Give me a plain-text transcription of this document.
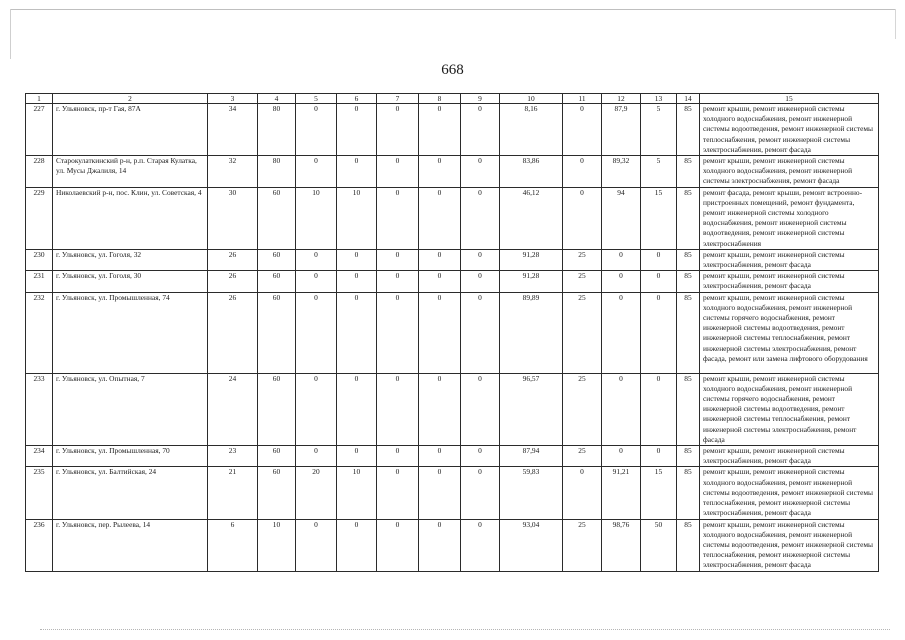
668
1	2	3	4	5	6	7	8	9	10	11	12	13	14	15
227	г. Ульяновск, пр-т Гая, 87А	34	80	0	0	0	0	0	8,16	0	87,9	5	85	ремонт крыши, ремонт инженерной системы холодного водоснабжения, ремонт инженерной системы водоотведения, ремонт инженерной системы теплоснабжения, ремонт инженерной системы электроснабжения, ремонт фасада
228	Старокулаткинский р-н, р.п. Старая Кулатка, ул. Мусы Джалиля, 14	32	80	0	0	0	0	0	83,86	0	89,32	5	85	ремонт крыши, ремонт инженерной системы холодного водоснабжения, ремонт инженерной системы электроснабжения, ремонт фасада
229	Николаевский р-н, пос. Клин, ул. Советская, 4	30	60	10	10	0	0	0	46,12	0	94	15	85	ремонт фасада, ремонт крыши, ремонт встроенно-пристроенных помещений, ремонт фундамента, ремонт инженерной системы холодного водоснабжения, ремонт инженерной системы водоотведения, ремонт инженерной системы электроснабжения
230	г. Ульяновск, ул. Гоголя, 32	26	60	0	0	0	0	0	91,28	25	0	0	85	ремонт крыши, ремонт инженерной системы электроснабжения, ремонт фасада
231	г. Ульяновск, ул. Гоголя, 30	26	60	0	0	0	0	0	91,28	25	0	0	85	ремонт крыши, ремонт инженерной системы электроснабжения, ремонт фасада
232	г. Ульяновск, ул. Промышленная, 74	26	60	0	0	0	0	0	89,89	25	0	0	85	ремонт крыши, ремонт инженерной системы холодного водоснабжения, ремонт инженерной системы горячего водоснабжения, ремонт инженерной системы водоотведения, ремонт инженерной системы теплоснабжения, ремонт инженерной системы электроснабжения, ремонт фасада, ремонт или замена лифтового оборудования
233	г. Ульяновск, ул. Опытная, 7	24	60	0	0	0	0	0	96,57	25	0	0	85	ремонт крыши, ремонт инженерной системы холодного водоснабжения, ремонт инженерной системы горячего водоснабжения, ремонт инженерной системы водоотведения, ремонт инженерной системы теплоснабжения, ремонт инженерной системы электроснабжения, ремонт фасада
234	г. Ульяновск, ул. Промышленная, 70	23	60	0	0	0	0	0	87,94	25	0	0	85	ремонт крыши, ремонт инженерной системы электроснабжения, ремонт фасада
235	г. Ульяновск, ул. Балтийская, 24	21	60	20	10	0	0	0	59,83	0	91,21	15	85	ремонт крыши, ремонт инженерной системы холодного водоснабжения, ремонт инженерной системы водоотведения, ремонт инженерной системы теплоснабжения, ремонт инженерной системы электроснабжения, ремонт фасада
236	г. Ульяновск, пер. Рылеева, 14	6	10	0	0	0	0	0	93,04	25	98,76	50	85	ремонт крыши, ремонт инженерной системы холодного водоснабжения, ремонт инженерной системы водоотведения, ремонт инженерной системы теплоснабжения, ремонт инженерной системы электроснабжения, ремонт фасада
